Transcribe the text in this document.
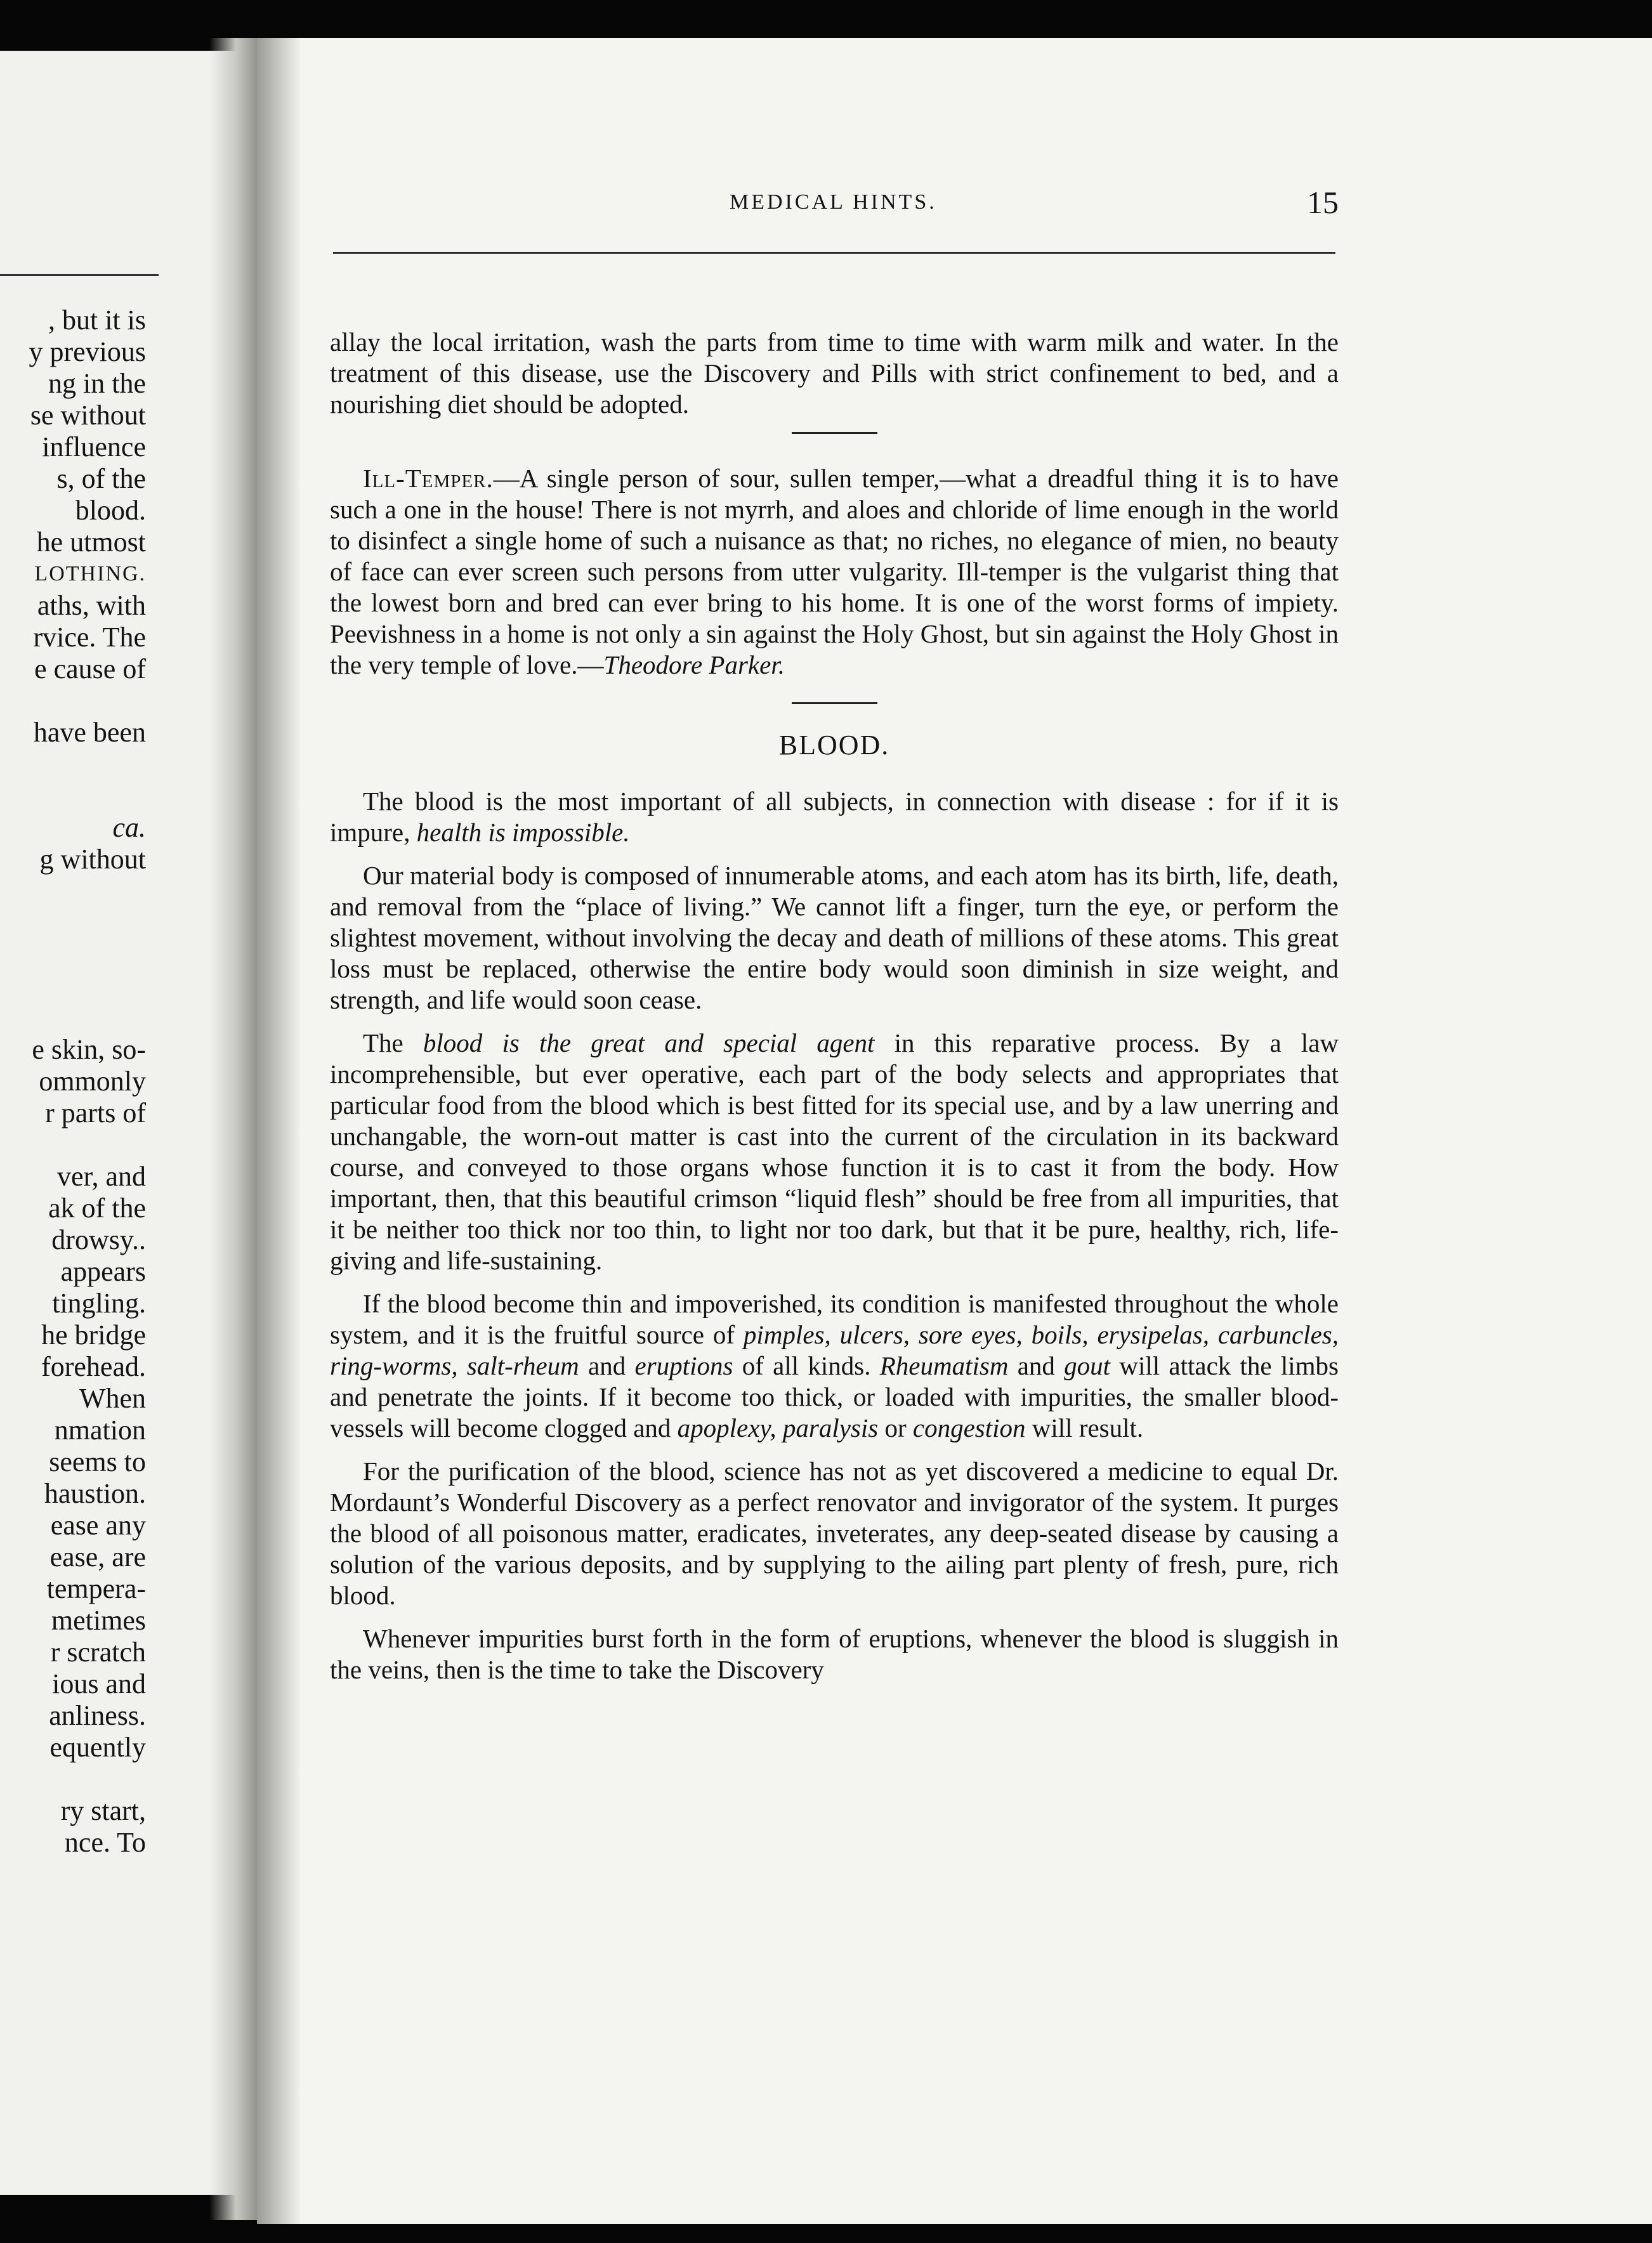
, but it is
y previous
ng in the
se without
influence
s, of the
blood.
he utmost
LOTHING.
aths, with
rvice. The
e cause of
have been
ca.
g without
e skin, so-
ommonly
r parts of
ver, and
ak of the
drowsy..
appears
tingling.
he bridge
forehead.
When
nmation
seems to
haustion.
ease any
ease, are
tempera-
metimes
r scratch
ious and
anliness.
equently
ry start,
nce. To
MEDICAL HINTS.	15

allay the local irritation, wash the parts from time to time with warm milk and water. In the treatment of this disease, use the Discovery and Pills with strict confinement to bed, and a nourishing diet should be adopted.

Ill-Temper.—A single person of sour, sullen temper,—what a dreadful thing it is to have such a one in the house! There is not myrrh, and aloes and chloride of lime enough in the world to disinfect a single home of such a nuisance as that; no riches, no elegance of mien, no beauty of face can ever screen such persons from utter vulgarity. Ill-temper is the vulgarist thing that the lowest born and bred can ever bring to his home. It is one of the worst forms of impiety. Peevishness in a home is not only a sin against the Holy Ghost, but sin against the Holy Ghost in the very temple of love.—Theodore Parker.

BLOOD.

The blood is the most important of all subjects, in connection with disease : for if it is impure, health is impossible.

Our material body is composed of innumerable atoms, and each atom has its birth, life, death, and removal from the “place of living.” We cannot lift a finger, turn the eye, or perform the slightest movement, without involving the decay and death of millions of these atoms. This great loss must be replaced, otherwise the entire body would soon diminish in size weight, and strength, and life would soon cease.

The blood is the great and special agent in this reparative process. By a law incomprehensible, but ever operative, each part of the body selects and appropriates that particular food from the blood which is best fitted for its special use, and by a law unerring and unchangable, the worn-out matter is cast into the current of the circulation in its backward course, and conveyed to those organs whose function it is to cast it from the body. How important, then, that this beautiful crimson “liquid flesh” should be free from all impurities, that it be neither too thick nor too thin, to light nor too dark, but that it be pure, healthy, rich, life-giving and life-sustaining.

If the blood become thin and impoverished, its condition is manifested throughout the whole system, and it is the fruitful source of pimples, ulcers, sore eyes, boils, erysipelas, carbuncles, ring-worms, salt-rheum and eruptions of all kinds. Rheumatism and gout will attack the limbs and penetrate the joints. If it become too thick, or loaded with impurities, the smaller blood-vessels will become clogged and apoplexy, paralysis or congestion will result.

For the purification of the blood, science has not as yet discovered a medicine to equal Dr. Mordaunt’s Wonderful Discovery as a perfect renovator and invigorator of the system. It purges the blood of all poisonous matter, eradicates, inveterates, any deep-seated disease by causing a solution of the various deposits, and by supplying to the ailing part plenty of fresh, pure, rich blood.

Whenever impurities burst forth in the form of eruptions, whenever the blood is sluggish in the veins, then is the time to take the Discovery
